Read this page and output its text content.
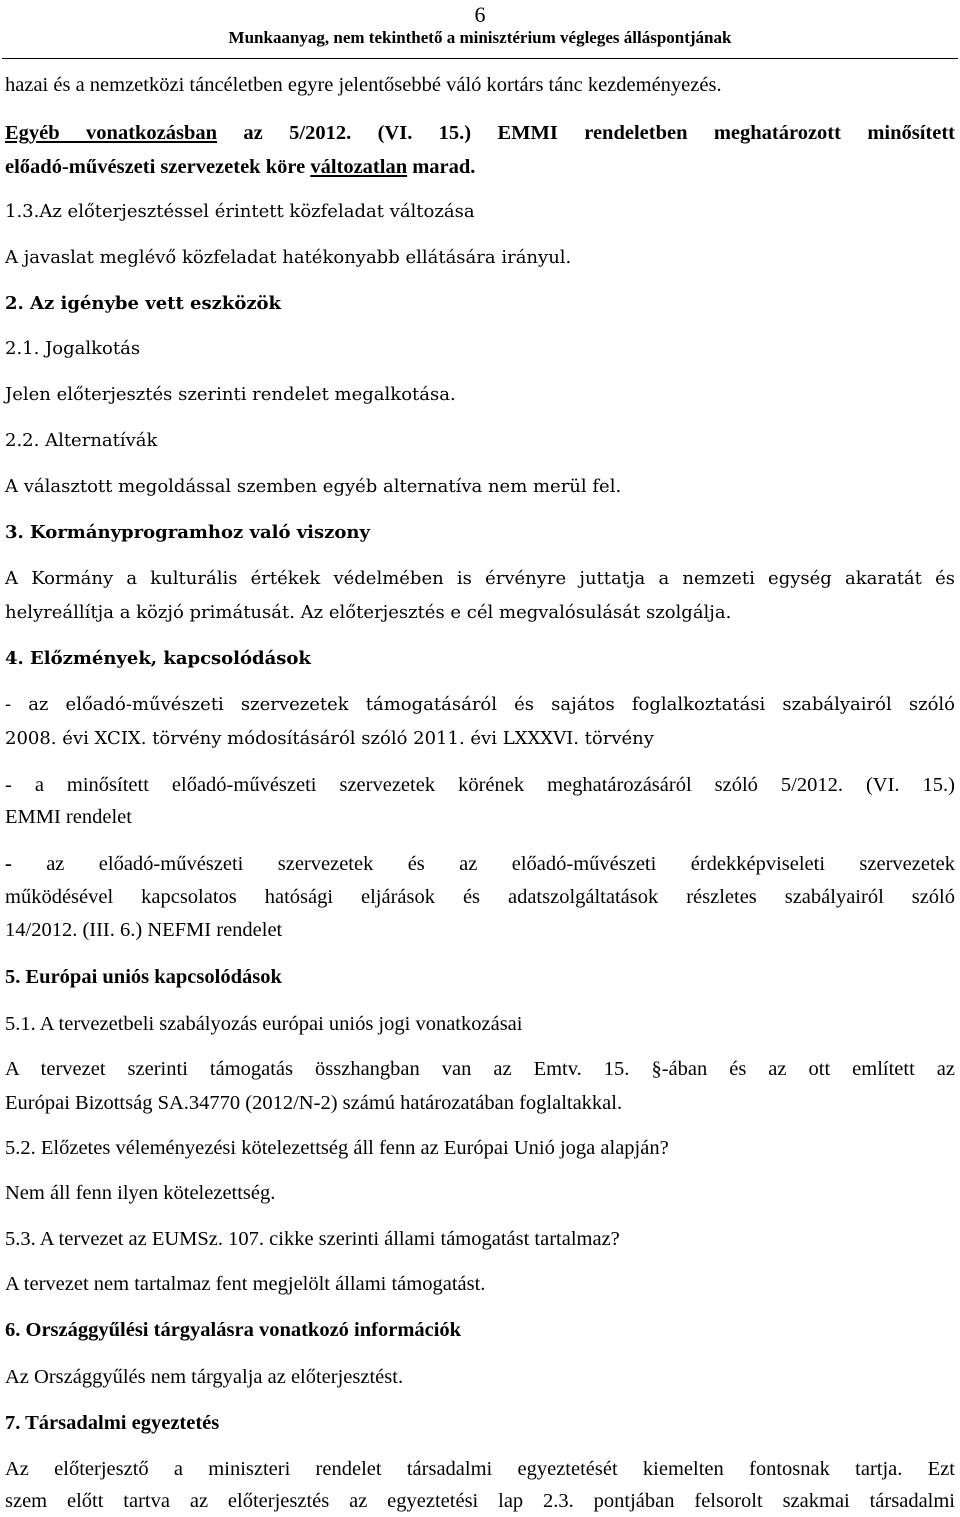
6
Munkaanyag, nem tekinthető a minisztérium végleges álláspontjának
hazai és a nemzetközi táncéletben egyre jelentősebbé váló kortárs tánc kezdeményezés.
Egyéb vonatkozásban az 5/2012. (VI. 15.) EMMI rendeletben meghatározott minősített
előadó-művészeti szervezetek köre változatlan marad.
1.3.Az előterjesztéssel érintett közfeladat változása
A javaslat meglévő közfeladat hatékonyabb ellátására irányul.
2. Az igénybe vett eszközök
2.1. Jogalkotás
Jelen előterjesztés szerinti rendelet megalkotása.
2.2. Alternatívák
A választott megoldással szemben egyéb alternatíva nem merül fel.
3. Kormányprogramhoz való viszony
A Kormány a kulturális értékek védelmében is érvényre juttatja a nemzeti egység akaratát és
helyreállítja a közjó primátusát. Az előterjesztés e cél megvalósulását szolgálja.
4. Előzmények, kapcsolódások
- az előadó-művészeti szervezetek támogatásáról és sajátos foglalkoztatási szabályairól szóló
2008. évi XCIX. törvény módosításáról szóló 2011. évi LXXXVI. törvény
- a minősített előadó-művészeti szervezetek körének meghatározásáról szóló 5/2012. (VI. 15.)
EMMI rendelet
- az előadó-művészeti szervezetek és az előadó-művészeti érdekképviseleti szervezetek
működésével kapcsolatos hatósági eljárások és adatszolgáltatások részletes szabályairól szóló
14/2012. (III. 6.) NEFMI rendelet
5. Európai uniós kapcsolódások
5.1. A tervezetbeli szabályozás európai uniós jogi vonatkozásai
A tervezet szerinti támogatás összhangban van az Emtv. 15. §-ában és az ott említett az
Európai Bizottság SA.34770 (2012/N-2) számú határozatában foglaltakkal.
5.2. Előzetes véleményezési kötelezettség áll fenn az Európai Unió joga alapján?
Nem áll fenn ilyen kötelezettség.
5.3. A tervezet az EUMSz. 107. cikke szerinti állami támogatást tartalmaz?
A tervezet nem tartalmaz fent megjelölt állami támogatást.
6. Országgyűlési tárgyalásra vonatkozó információk
Az Országgyűlés nem tárgyalja az előterjesztést.
7. Társadalmi egyeztetés
Az előterjesztő a miniszteri rendelet társadalmi egyeztetését kiemelten fontosnak tartja. Ezt
szem előtt tartva az előterjesztés az egyeztetési lap 2.3. pontjában felsorolt szakmai társadalmi
